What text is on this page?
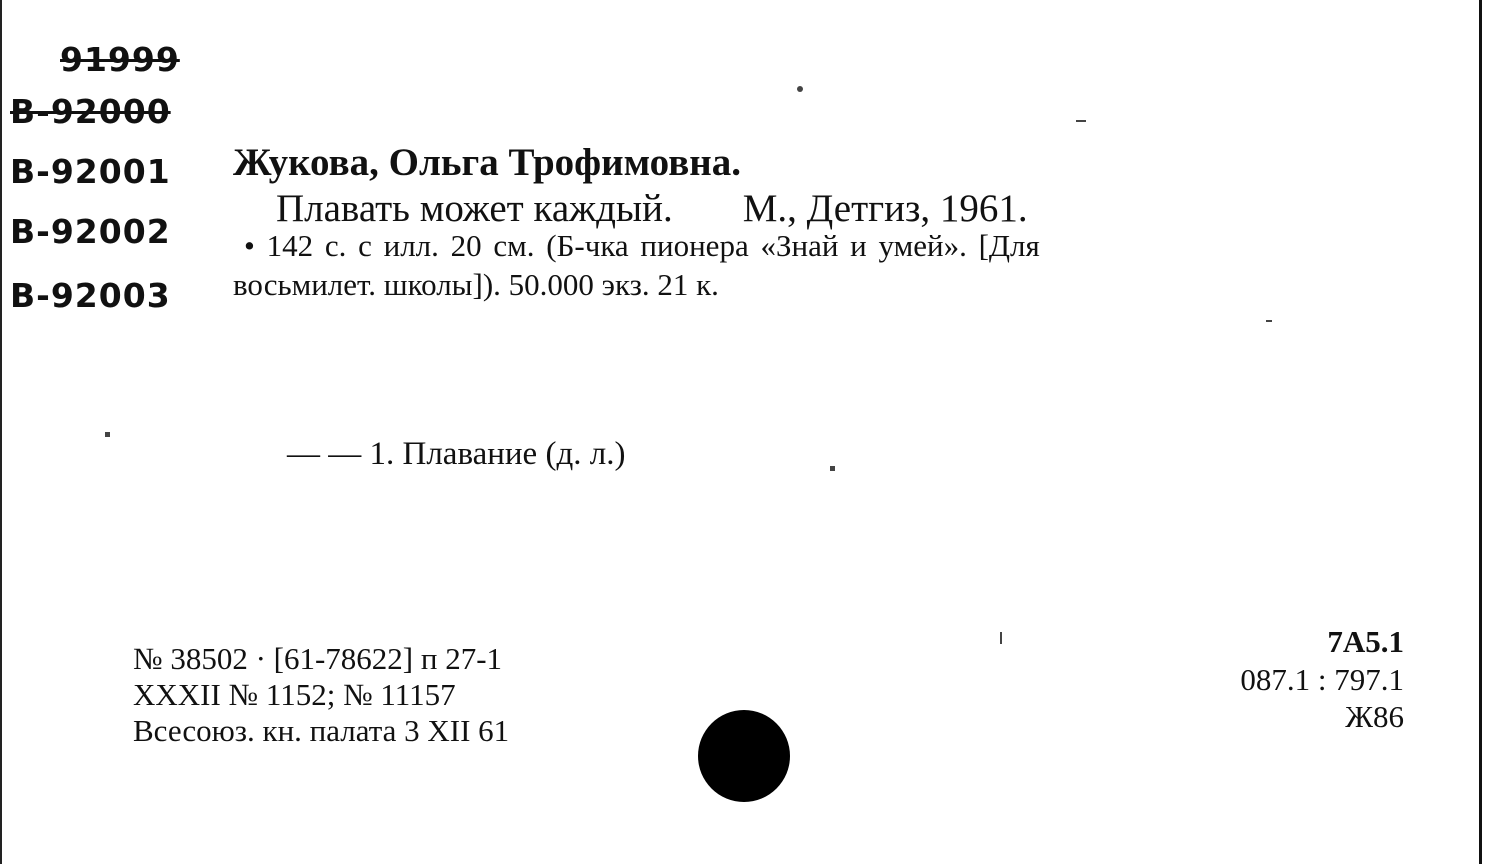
91999
В-92000
В-92001
В-92002
В-92003
Жукова, Ольга Трофимовна.
Плавать может каждый. М., Детгиз, 1961.
• 142 с. с илл. 20 см. (Б-чка пионера «Знай и умей». [Для
восьмилет. школы]). 50.000 экз. 21 к.
— — 1. Плавание (д. л.)
№ 38502 · [61-78622] п 27-1
XXXII № 1152; № 11157
Всесоюз. кн. палата 3 XII 61
7А5.1
087.1 : 797.1
Ж86
